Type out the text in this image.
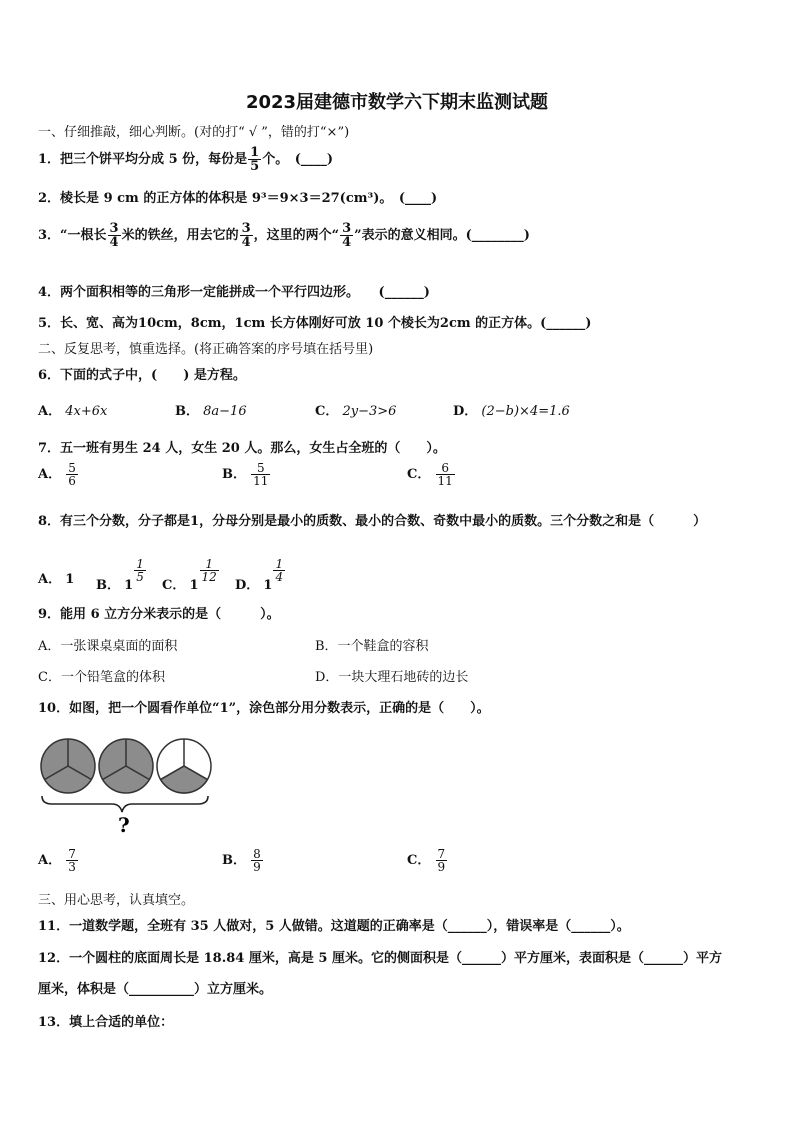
2023届建德市数学六下期末监测试题
一、仔细推敲，细心判断。(对的打“ √ ”，错的打“×”)
1．把三个饼平均分成 5 份，每份是 $\frac{1}{5}$ 个。　(____)
2．棱长是 9 cm 的正方体的体积是 9³＝9×3＝27(cm³)。　(____)
3．“一根长 $\frac{3}{4}$ 米的铁丝，用去它的 $\frac{3}{4}$ ，这里的两个“ $\frac{3}{4}$ ”表示的意义相同。(________)
4．两个面积相等的三角形一定能拼成一个平行四边形。　　(______)
5．长、宽、高为10cm，8cm，1cm 长方体刚好可放 10 个棱长为2cm 的正方体。(______)
二、反复思考，慎重选择。(将正确答案的序号填在括号里)
6．下面的式子中，(　　) 是方程。
A． 4x+6x	B． 8a−16	C． 2y−3>6	D． (2−b)×4=1.6
7．五一班有男生 24 人，女生 20 人。那么，女生占全班的（　　）。
A． $\frac{5}{6}$	B． $\frac{5}{11}$	C． $\frac{6}{11}$
8．有三个分数，分子都是1，分母分别是最小的质数、最小的合数、奇数中最小的质数。三个分数之和是（　　　）
A． 1 B． 1
$\frac{1}{5}$
C． 1
$\frac{1}{12}$
D． 1
$\frac{1}{4}$
9．能用 6 立方分米表示的是（　　　）。
A．一张课桌桌面的面积	B．一个鞋盒的容积
C．一个铅笔盒的体积	D．一块大理石地砖的边长
10．如图，把一个圆看作单位“1”，涂色部分用分数表示，正确的是（　　）。
?
A． $\frac{7}{3}$	B． $\frac{8}{9}$	C． $\frac{7}{9}$
三、用心思考，认真填空。
11．一道数学题，全班有 35 人做对，5 人做错。这道题的正确率是（______），错误率是（______）。
12．一个圆柱的底面周长是 18.84 厘米，高是 5 厘米。它的侧面积是（______）平方厘米，表面积是（______）平方
厘米，体积是（__________）立方厘米。
13．填上合适的单位：
